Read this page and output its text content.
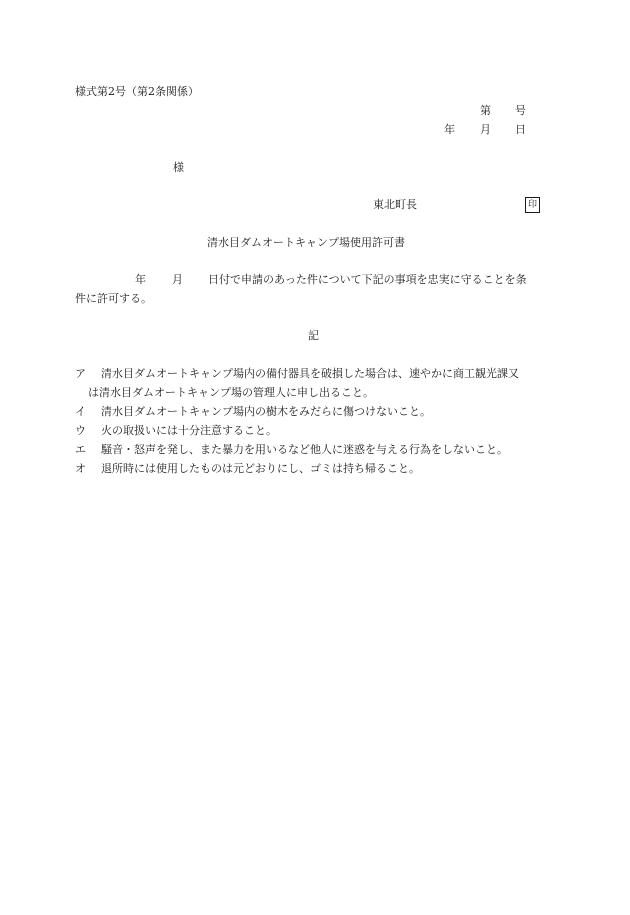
様式第2号（第2条関係）
第 号
年 月 日
様
東北町長	印
清水目ダムオートキャンプ場使用許可書
年 月 日付で申請のあった件について下記の事項を忠実に守ることを条
件に許可する。
記
ア 清水目ダムオートキャンプ場内の備付器具を破損した場合は、速やかに商工観光課又
は清水目ダムオートキャンプ場の管理人に申し出ること。
イ 清水目ダムオートキャンプ場内の樹木をみだらに傷つけないこと。
ウ 火の取扱いには十分注意すること。
エ 騒音・怒声を発し、また暴力を用いるなど他人に迷惑を与える行為をしないこと。
オ 退所時には使用したものは元どおりにし、ゴミは持ち帰ること。
